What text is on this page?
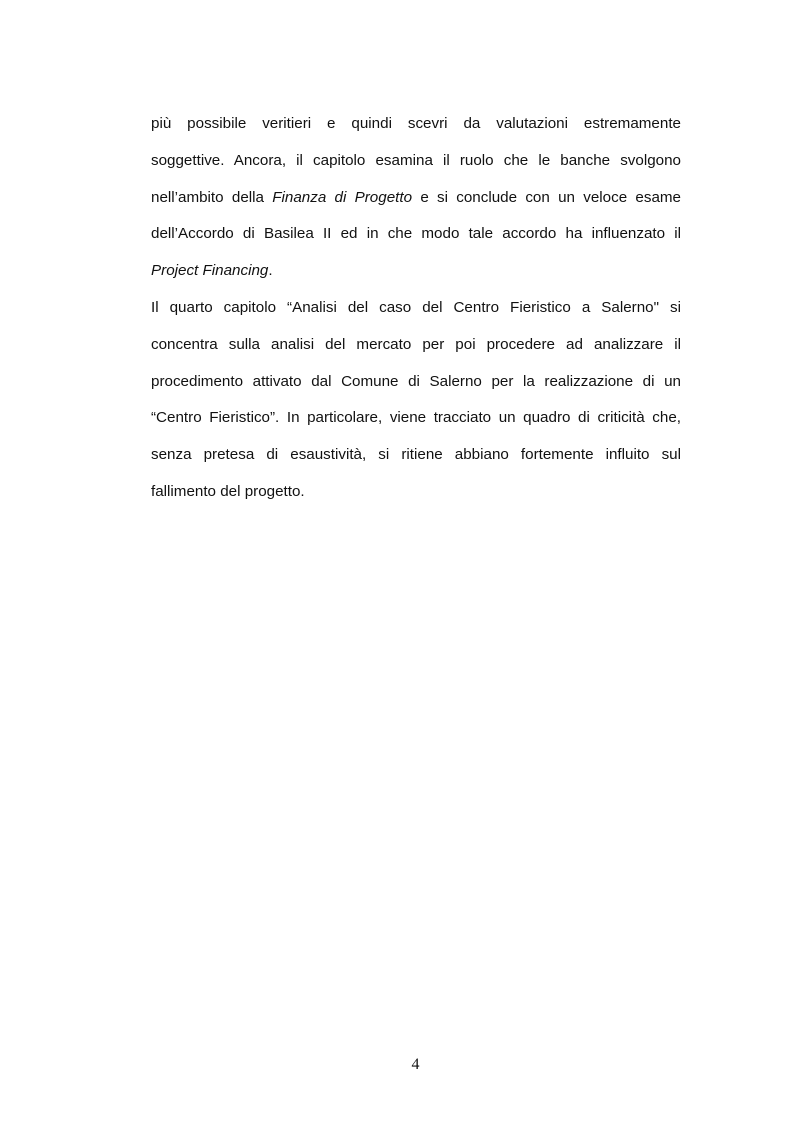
più possibile veritieri e quindi scevri da valutazioni estremamente
soggettive. Ancora, il capitolo esamina il ruolo che le banche svolgono
nell’ambito della Finanza di Progetto e si conclude con un veloce esame
dell’Accordo di Basilea II ed in che modo tale accordo ha influenzato il
Project Financing.
Il quarto capitolo “Analisi del caso del Centro Fieristico a Salerno" si
concentra sulla analisi del mercato per poi procedere ad analizzare il
procedimento attivato dal Comune di Salerno per la realizzazione di un
“Centro Fieristico”. In particolare, viene tracciato un quadro di criticità che,
senza pretesa di esaustività, si ritiene abbiano fortemente influito sul
fallimento del progetto.
4
